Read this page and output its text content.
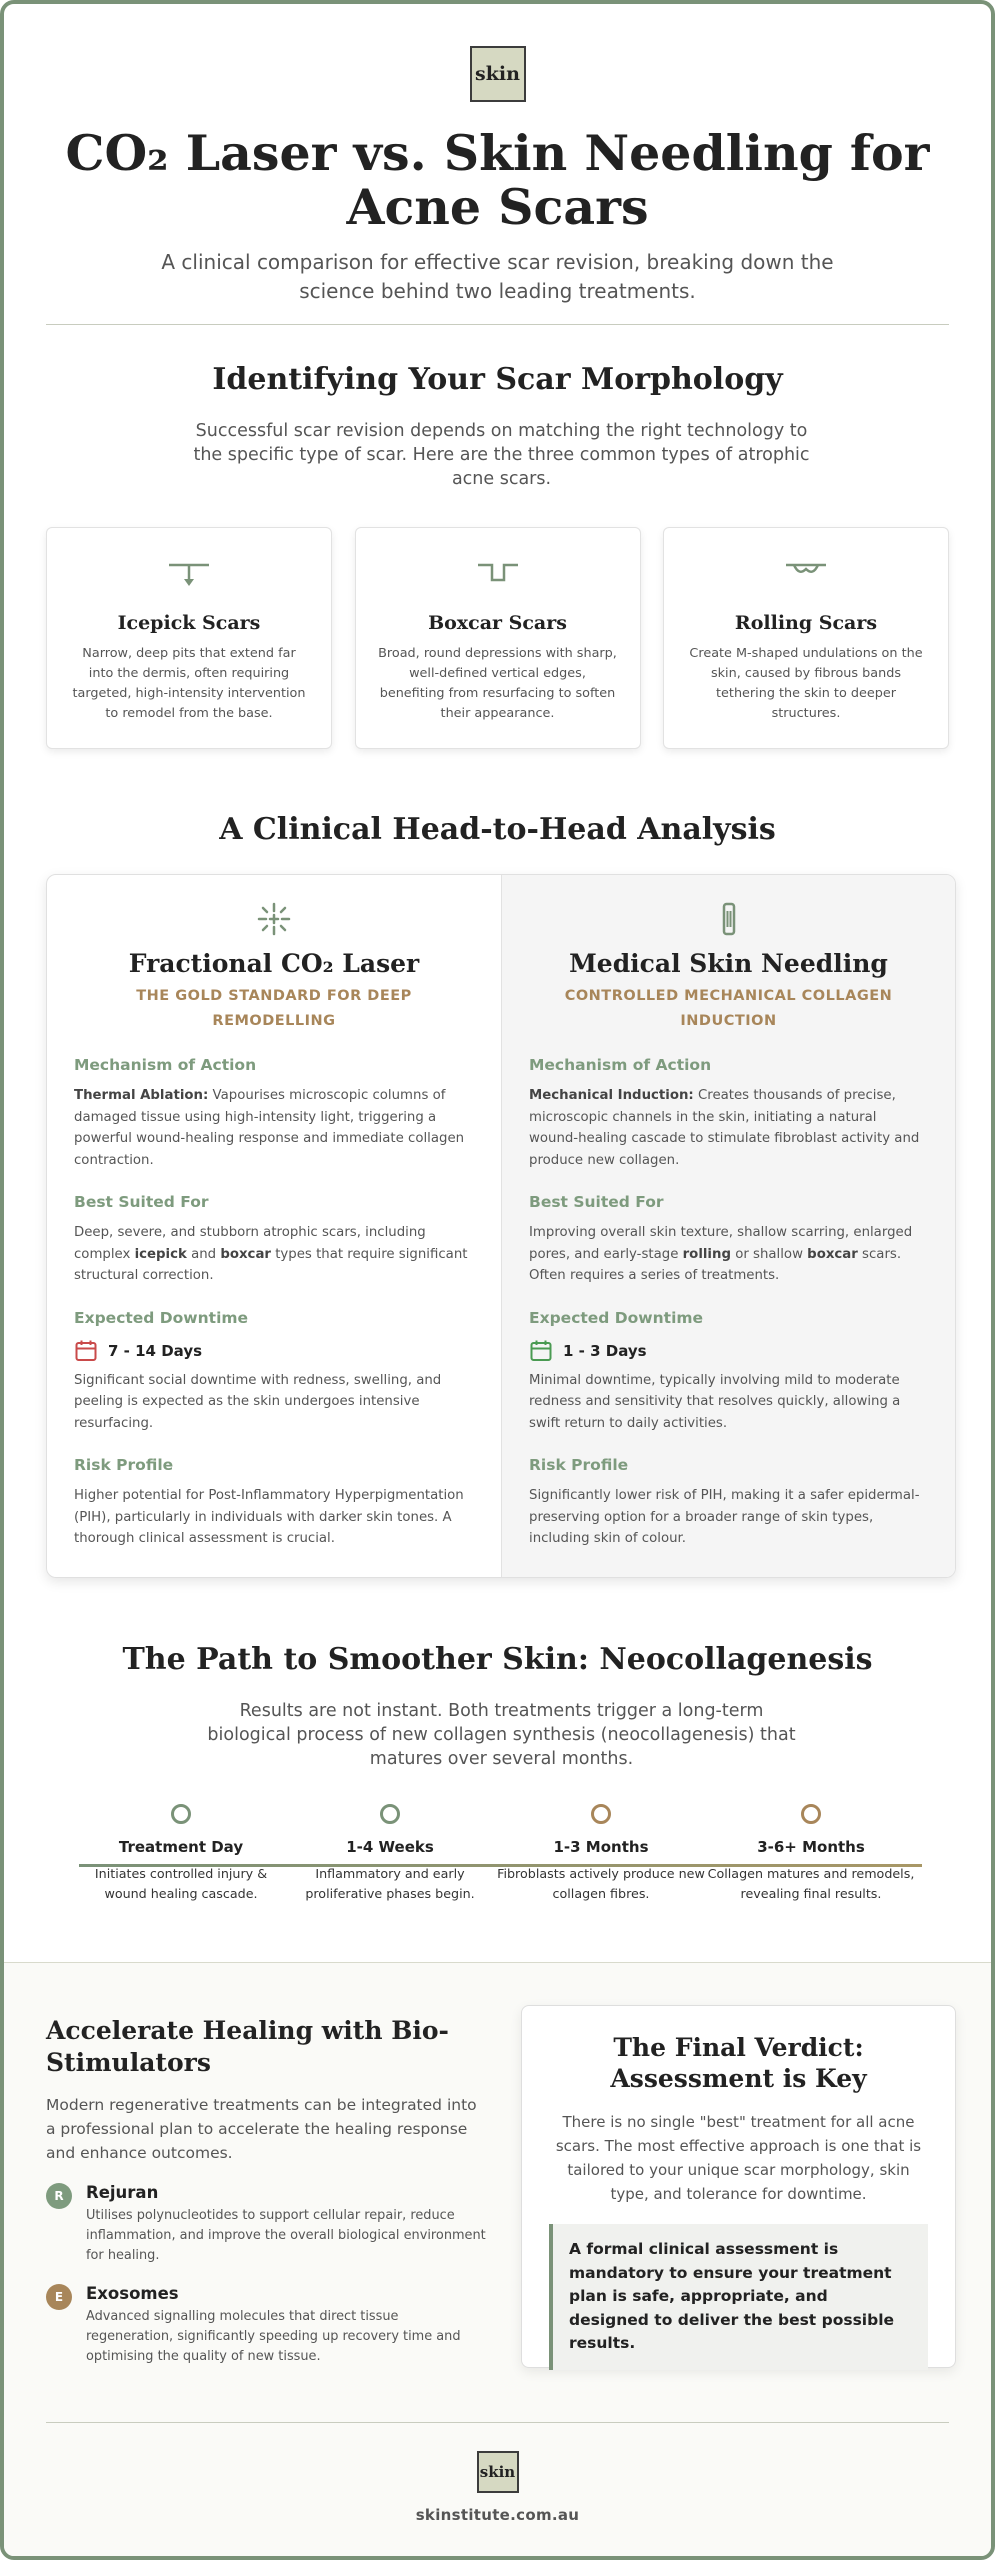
skin
CO₂ Laser vs. Skin Needling for Acne Scars

A clinical comparison for effective scar revision, breaking down the science behind two leading treatments.

Identifying Your Scar Morphology
Successful scar revision depends on matching the right technology to the specific type of scar. Here are the three common types of atrophic acne scars.
Icepick Scars

Narrow, deep pits that extend far into the dermis, often requiring targeted, high-intensity intervention to remodel from the base.

Boxcar Scars

Broad, round depressions with sharp, well-defined vertical edges, benefiting from resurfacing to soften their appearance.

Rolling Scars

Create M-shaped undulations on the skin, caused by fibrous bands tethering the skin to deeper structures.

A Clinical Head-to-Head Analysis
Fractional CO₂ Laser
THE GOLD STANDARD FOR DEEP REMODELLING
Mechanism of Action

Thermal Ablation: Vapourises microscopic columns of damaged tissue using high-intensity light, triggering a powerful wound-healing response and immediate collagen contraction.

Best Suited For

Deep, severe, and stubborn atrophic scars, including complex icepick and boxcar types that require significant structural correction.

Expected Downtime
7 - 14 Days

Significant social downtime with redness, swelling, and peeling is expected as the skin undergoes intensive resurfacing.

Risk Profile

Higher potential for Post-Inflammatory Hyperpigmentation (PIH), particularly in individuals with darker skin tones. A thorough clinical assessment is crucial.

Medical Skin Needling
CONTROLLED MECHANICAL COLLAGEN INDUCTION
Mechanism of Action

Mechanical Induction: Creates thousands of precise, microscopic channels in the skin, initiating a natural wound-healing cascade to stimulate fibroblast activity and produce new collagen.

Best Suited For

Improving overall skin texture, shallow scarring, enlarged pores, and early-stage rolling or shallow boxcar scars. Often requires a series of treatments.

Expected Downtime
1 - 3 Days

Minimal downtime, typically involving mild to moderate redness and sensitivity that resolves quickly, allowing a swift return to daily activities.

Risk Profile

Significantly lower risk of PIH, making it a safer epidermal-preserving option for a broader range of skin types, including skin of colour.

The Path to Smoother Skin: Neocollagenesis
Results are not instant. Both treatments trigger a long-term biological process of new collagen synthesis (neocollagenesis) that matures over several months.
Treatment Day

Initiates controlled injury & wound healing cascade.

1-4 Weeks

Inflammatory and early proliferative phases begin.

1-3 Months

Fibroblasts actively produce new collagen fibres.

3-6+ Months

Collagen matures and remodels, revealing final results.

Accelerate Healing with Bio-Stimulators

Modern regenerative treatments can be integrated into a professional plan to accelerate the healing response and enhance outcomes.

R	Rejuran

Utilises polynucleotides to support cellular repair, reduce inflammation, and improve the overall biological environment for healing.

E	Exosomes

Advanced signalling molecules that direct tissue regeneration, significantly speeding up recovery time and optimising the quality of new tissue.

The Final Verdict: Assessment is Key

There is no single "best" treatment for all acne scars. The most effective approach is one that is tailored to your unique scar morphology, skin type, and tolerance for downtime.

A formal clinical assessment is mandatory to ensure your treatment plan is safe, appropriate, and designed to deliver the best possible results.
skin
skinstitute.com.au
